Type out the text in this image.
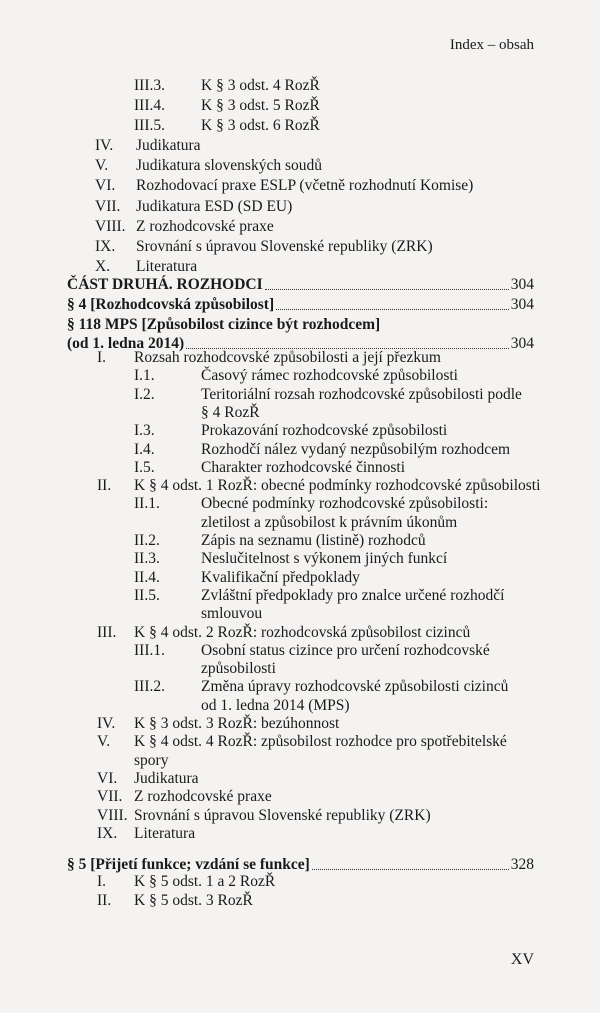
Index – obsah
III.3. K § 3 odst. 4 RozŘ
III.4. K § 3 odst. 5 RozŘ
III.5. K § 3 odst. 6 RozŘ
IV. Judikatura
V. Judikatura slovenských soudů
VI. Rozhodovací praxe ESLP (včetně rozhodnutí Komise)
VII. Judikatura ESD (SD EU)
VIII. Z rozhodcovské praxe
IX. Srovnání s úpravou Slovenské republiky (ZRK)
X. Literatura
ČÁST DRUHÁ. ROZHODCI	304
§ 4 [Rozhodcovská způsobilost]	304
§ 118 MPS [Způsobilost cizince být rozhodcem]
(od 1. ledna 2014)	304
I. Rozsah rozhodcovské způsobilosti a její přezkum
I.1.	Časový rámec rozhodcovské způsobilosti
I.2.	Teritoriální rozsah rozhodcovské způsobilosti podle
§ 4 RozŘ
I.3.	Prokazování rozhodcovské způsobilosti
I.4.	Rozhodčí nález vydaný nezpůsobilým rozhodcem
I.5.	Charakter rozhodcovské činnosti
II. K § 4 odst. 1 RozŘ: obecné podmínky rozhodcovské způsobilosti
II.1.	Obecné podmínky rozhodcovské způsobilosti:
zletilost a způsobilost k právním úkonům
II.2.	Zápis na seznamu (listině) rozhodců
II.3.	Neslučitelnost s výkonem jiných funkcí
II.4.	Kvalifikační předpoklady
II.5.	Zvláštní předpoklady pro znalce určené rozhodčí
smlouvou
III. K § 4 odst. 2 RozŘ: rozhodcovská způsobilost cizinců
III.1. Osobní status cizince pro určení rozhodcovské
způsobilosti
III.2. Změna úpravy rozhodcovské způsobilosti cizinců
od 1. ledna 2014 (MPS)
IV. K § 3 odst. 3 RozŘ: bezúhonnost
V. K § 4 odst. 4 RozŘ: způsobilost rozhodce pro spotřebitelské
spory
VI. Judikatura
VII. Z rozhodcovské praxe
VIII. Srovnání s úpravou Slovenské republiky (ZRK)
IX. Literatura
§ 5 [Přijetí funkce; vzdání se funkce]	328
I. K § 5 odst. 1 a 2 RozŘ
II. K § 5 odst. 3 RozŘ
XV
